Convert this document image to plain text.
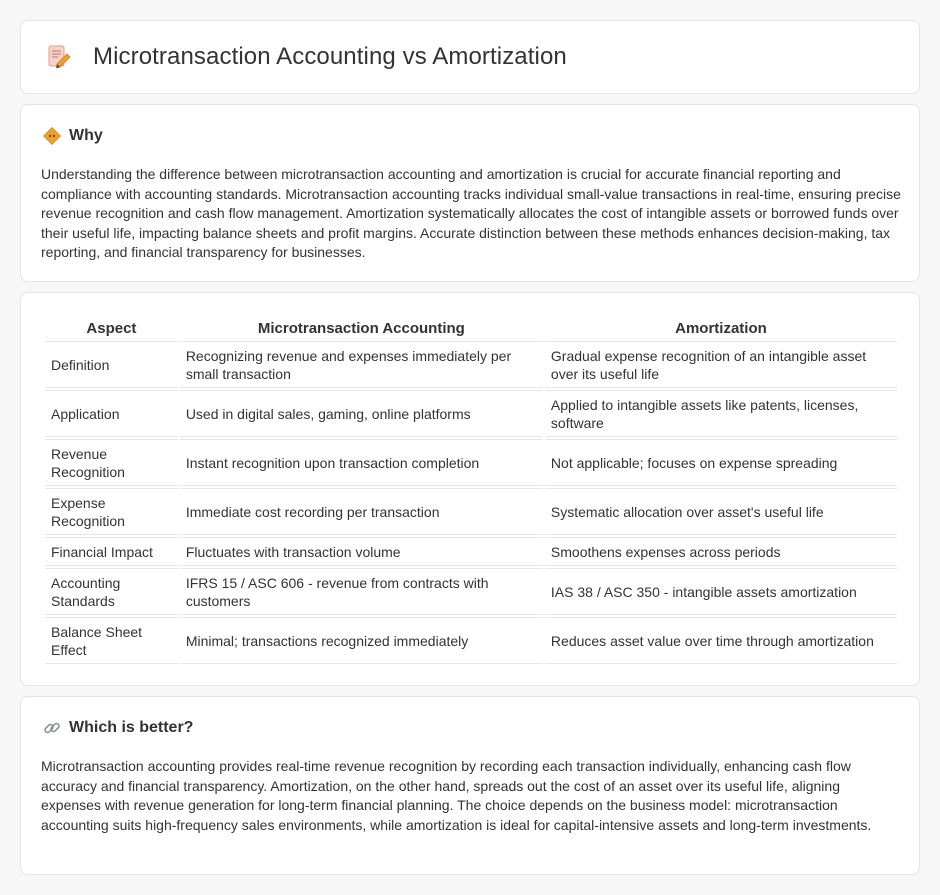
Microtransaction Accounting vs Amortization
Why

Understanding the difference between microtransaction accounting and amortization is crucial for accurate financial reporting and compliance with accounting standards. Microtransaction accounting tracks individual small-value transactions in real-time, ensuring precise revenue recognition and cash flow management. Amortization systematically allocates the cost of intangible assets or borrowed funds over their useful life, impacting balance sheets and profit margins. Accurate distinction between these methods enhances decision-making, tax reporting, and financial transparency for businesses.

Aspect	Microtransaction Accounting	Amortization
Definition	Recognizing revenue and expenses immediately per small transaction	Gradual expense recognition of an intangible asset over its useful life
Application	Used in digital sales, gaming, online platforms	Applied to intangible assets like patents, licenses, software
Revenue Recognition	Instant recognition upon transaction completion	Not applicable; focuses on expense spreading
Expense Recognition	Immediate cost recording per transaction	Systematic allocation over asset's useful life
Financial Impact	Fluctuates with transaction volume	Smoothens expenses across periods
Accounting Standards	IFRS 15 / ASC 606 - revenue from contracts with customers	IAS 38 / ASC 350 - intangible assets amortization
Balance Sheet Effect	Minimal; transactions recognized immediately	Reduces asset value over time through amortization
Which is better?

Microtransaction accounting provides real-time revenue recognition by recording each transaction individually, enhancing cash flow accuracy and financial transparency. Amortization, on the other hand, spreads out the cost of an asset over its useful life, aligning expenses with revenue generation for long-term financial planning. The choice depends on the business model: microtransaction accounting suits high-frequency sales environments, while amortization is ideal for capital-intensive assets and long-term investments.
